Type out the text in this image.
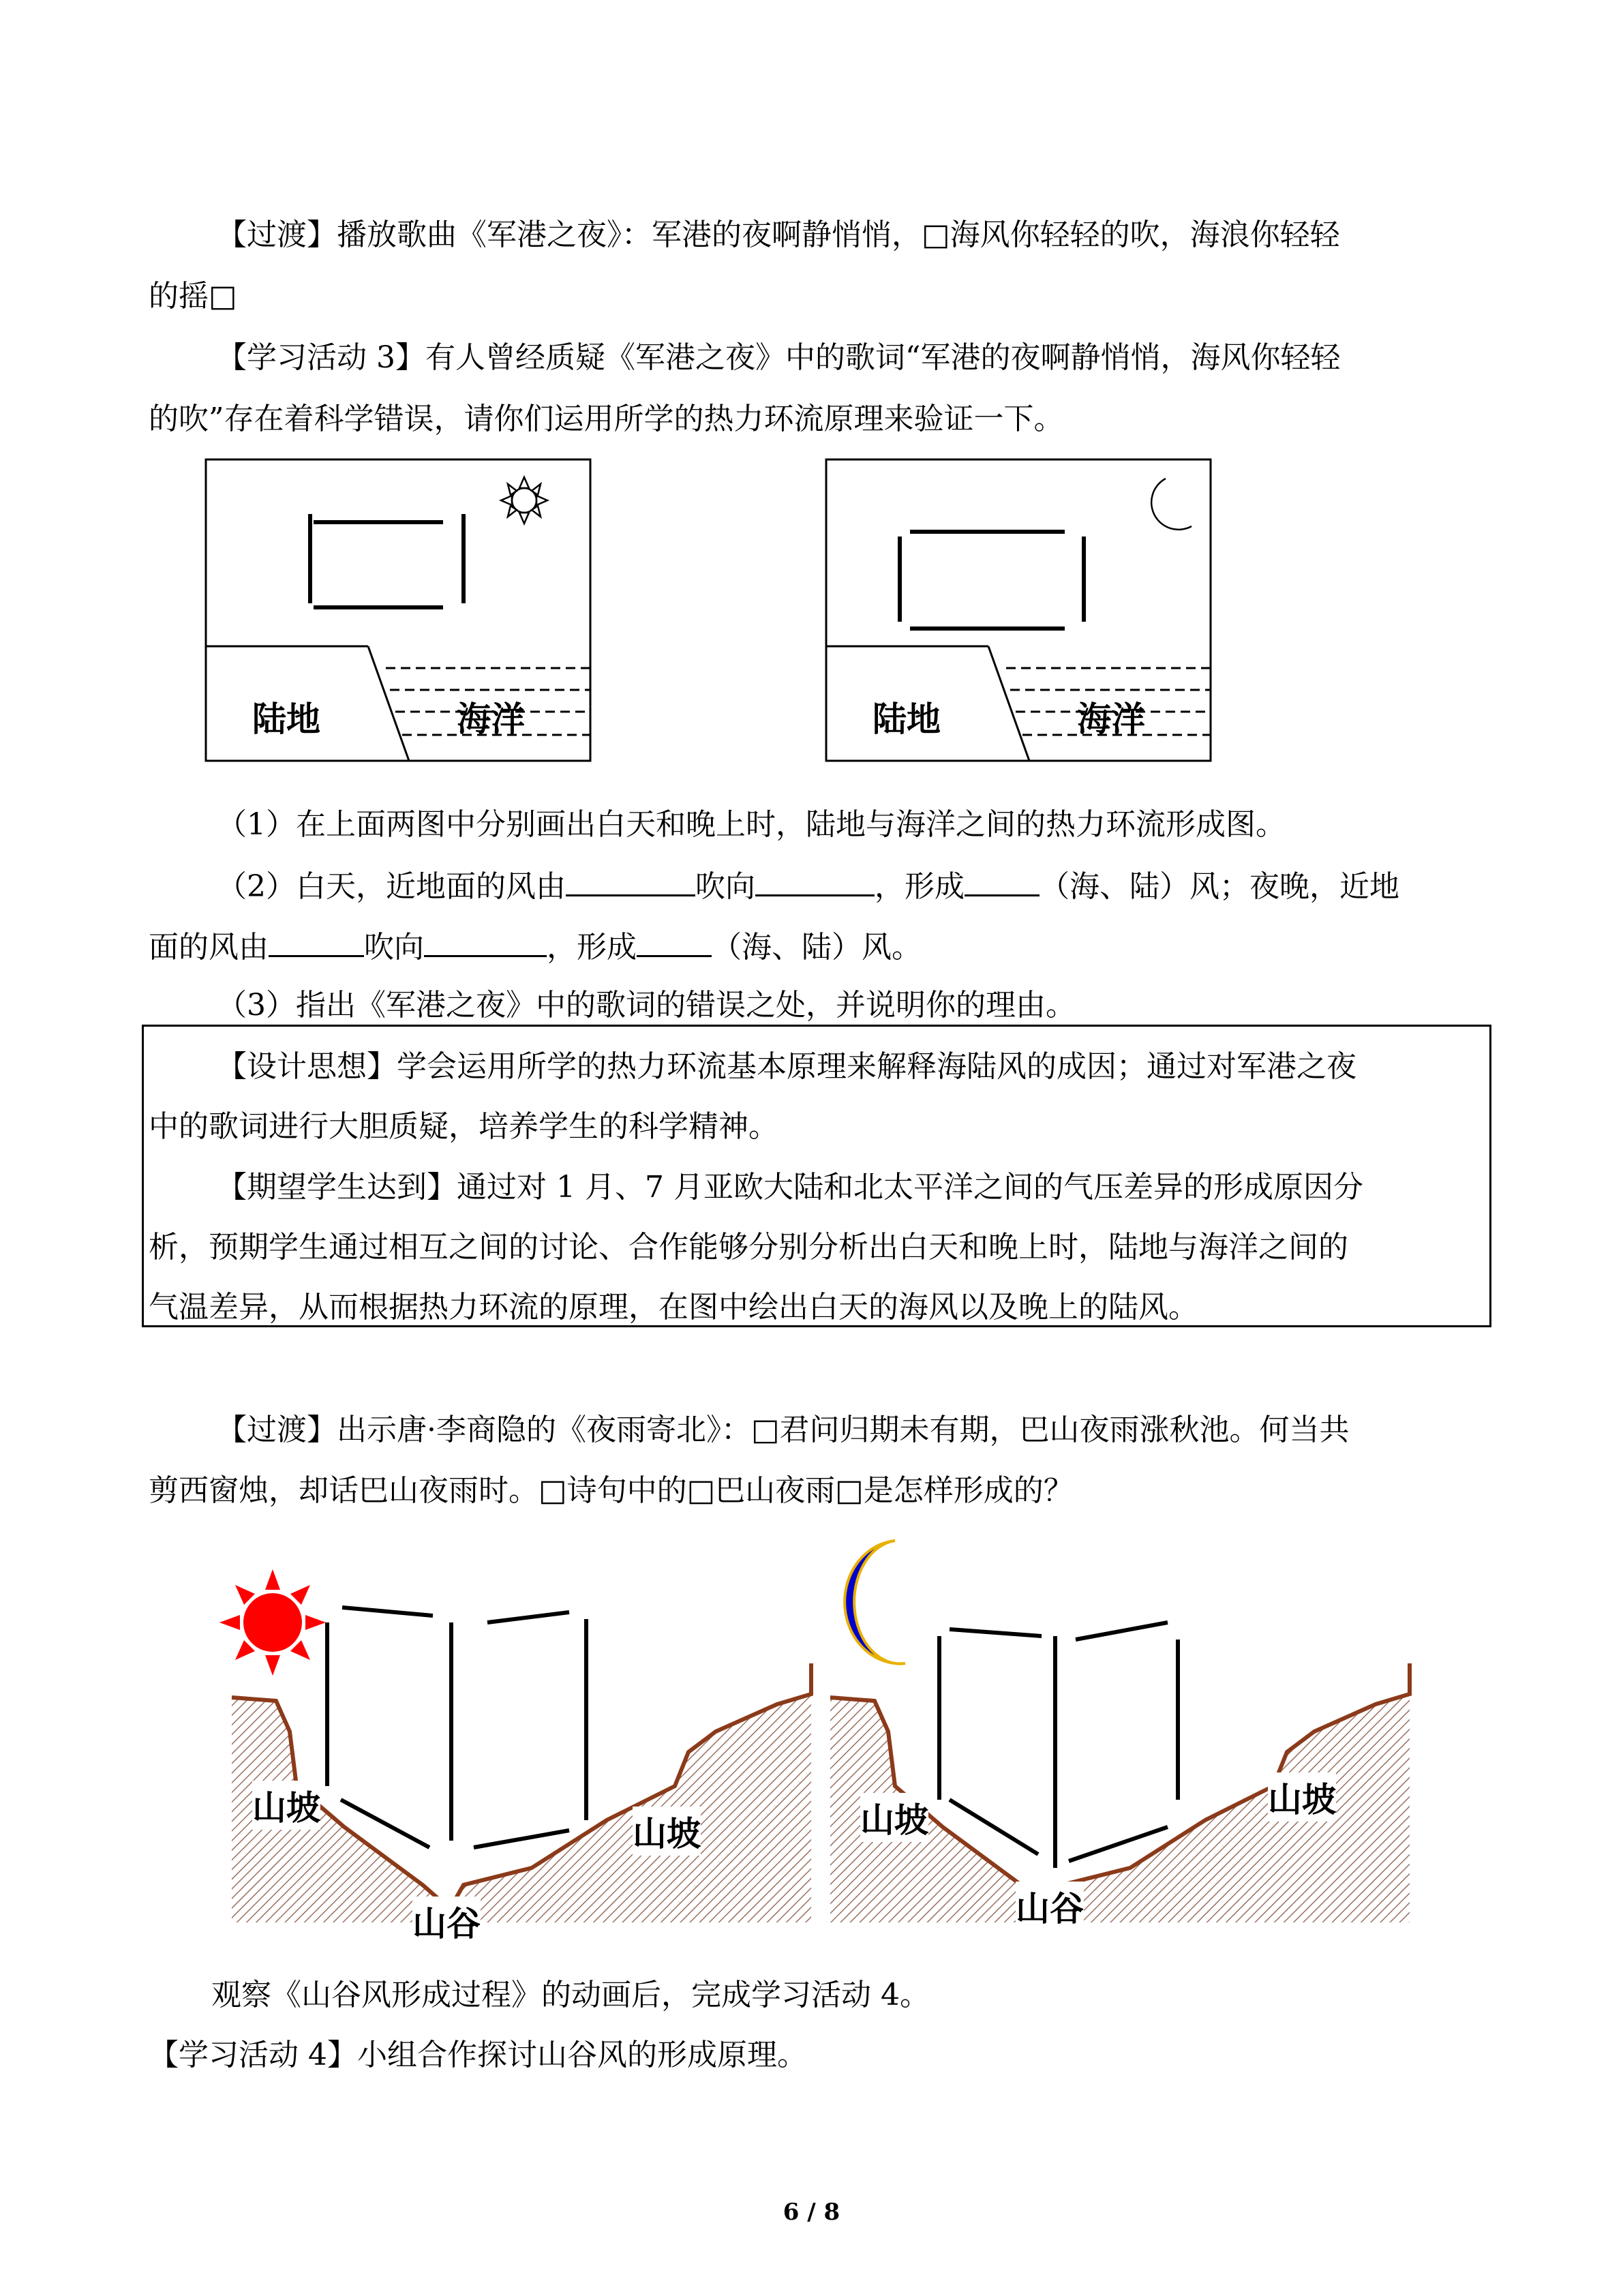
【过渡】播放歌曲《军港之夜》：军港的夜啊静悄悄，□海风你轻轻的吹，海浪你轻轻
的摇□
【学习活动 3】有人曾经质疑《军港之夜》中的歌词“军港的夜啊静悄悄，海风你轻轻
的吹”存在着科学错误，请你们运用所学的热力环流原理来验证一下。
陆地	海洋	陆地	海洋
（1）在上面两图中分别画出白天和晚上时，陆地与海洋之间的热力环流形成图。
（2）白天，近地面的风由	吹向	，形成	（海、陆）风；夜晚，近地
面的风由	吹向	，形成	（海、陆）风。
（3）指出《军港之夜》中的歌词的错误之处，并说明你的理由。
【设计思想】学会运用所学的热力环流基本原理来解释海陆风的成因；通过对军港之夜
中的歌词进行大胆质疑，培养学生的科学精神。
【期望学生达到】通过对 1 月、7 月亚欧大陆和北太平洋之间的气压差异的形成原因分
析，预期学生通过相互之间的讨论、合作能够分别分析出白天和晚上时，陆地与海洋之间的
气温差异，从而根据热力环流的原理，在图中绘出白天的海风以及晚上的陆风。
【过渡】出示唐·李商隐的《夜雨寄北》：□君问归期未有期，巴山夜雨涨秋池。何当共
剪西窗烛，却话巴山夜雨时。□诗句中的□巴山夜雨□是怎样形成的？
山坡
山坡
山谷
山坡
山坡
山谷
观察《山谷风形成过程》的动画后，完成学习活动 4。
【学习活动 4】小组合作探讨山谷风的形成原理。
6 / 8
